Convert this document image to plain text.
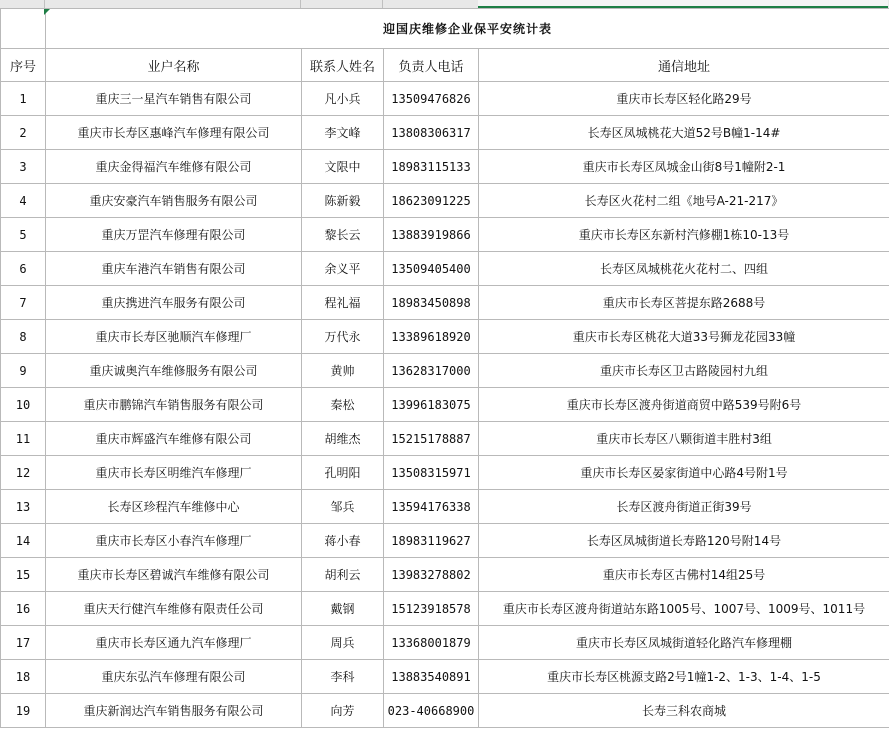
	迎国庆维修企业保平安统计表			
序号	业户名称	联系人姓名	负责人电话	通信地址
1	重庆三一星汽车销售有限公司	凡小兵	13509476826	重庆市长寿区轻化路29号
2	重庆市长寿区惠峰汽车修理有限公司	李文峰	13808306317	长寿区凤城桃花大道52号B幢1-14#
3	重庆金得福汽车维修有限公司	文限中	18983115133	重庆市长寿区凤城金山街8号1幢附2-1
4	重庆安豪汽车销售服务有限公司	陈新毅	18623091225	长寿区火花村二组《地号A-21-217》
5	重庆万罡汽车修理有限公司	黎长云	13883919866	重庆市长寿区东新村汽修棚1栋10-13号
6	重庆车港汽车销售有限公司	余义平	13509405400	长寿区凤城桃花火花村二、四组
7	重庆携进汽车服务有限公司	程礼福	18983450898	重庆市长寿区菩提东路2688号
8	重庆市长寿区驰顺汽车修理厂	万代永	13389618920	重庆市长寿区桃花大道33号狮龙花园33幢
9	重庆诚奥汽车维修服务有限公司	黄帅	13628317000	重庆市长寿区卫古路陵园村九组
10	重庆市鹏锦汽车销售服务有限公司	秦松	13996183075	重庆市长寿区渡舟街道商贸中路539号附6号
11	重庆市辉盛汽车维修有限公司	胡维杰	15215178887	重庆市长寿区八颗街道丰胜村3组
12	重庆市长寿区明维汽车修理厂	孔明阳	13508315971	重庆市长寿区晏家街道中心路4号附1号
13	长寿区珍程汽车维修中心	邹兵	13594176338	长寿区渡舟街道正街39号
14	重庆市长寿区小春汽车修理厂	蒋小春	18983119627	长寿区凤城街道长寿路120号附14号
15	重庆市长寿区碧诚汽车维修有限公司	胡利云	13983278802	重庆市长寿区古佛村14组25号
16	重庆天行健汽车维修有限责任公司	戴钢	15123918578	重庆市长寿区渡舟街道站东路1005号、1007号、1009号、1011号
17	重庆市长寿区通九汽车修理厂	周兵	13368001879	重庆市长寿区凤城街道轻化路汽车修理棚
18	重庆东弘汽车修理有限公司	李科	13883540891	重庆市长寿区桃源支路2号1幢1-2、1-3、1-4、1-5
19	重庆新润达汽车销售服务有限公司	向芳	023-40668900	长寿三科农商城
